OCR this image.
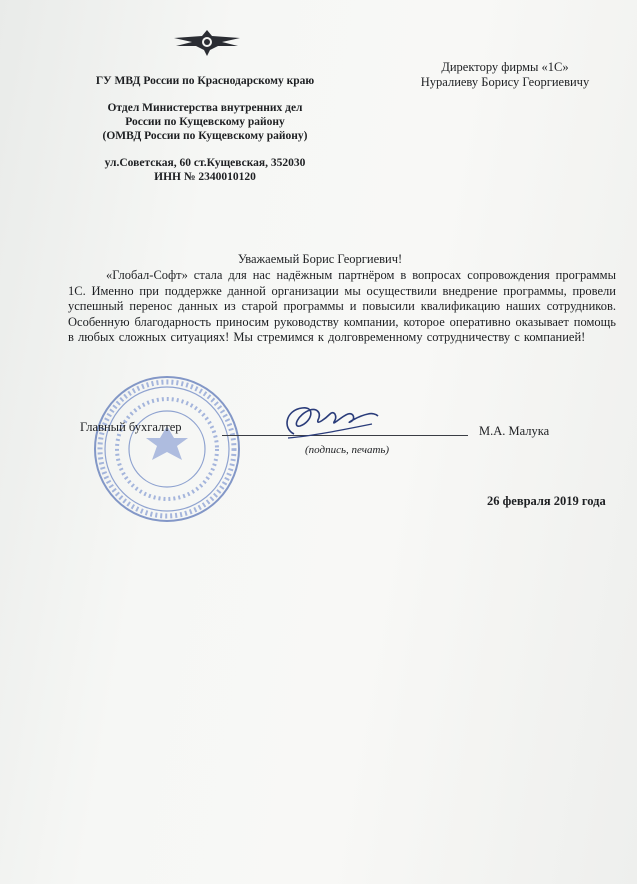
ГУ МВД России по Краснодарскому краю
Отдел Министерства внутренних дел
России по Кущевскому району
(ОМВД России по Кущевскому району)
ул.Советская, 60 ст.Кущевская, 352030
ИНН № 2340010120
Директору фирмы «1С»
Нуралиеву Борису Георгиевичу
Уважаемый Борис Георгиевич!
«Глобал-Софт» стала для нас надёжным партнёром в вопросах сопровождения программы 1С. Именно при поддержке данной организации мы осуществили внедрение программы, провели успешный перенос данных из старой программы и повысили квалификацию наших сотрудников. Особенную благодарность приносим руководству компании, которое оперативно оказывает помощь в любых сложных ситуациях! Мы стремимся к долговременному сотрудничеству с компанией!
Главный бухгалтер
(подпись, печать)
М.А. Малука
26 февраля 2019 года
